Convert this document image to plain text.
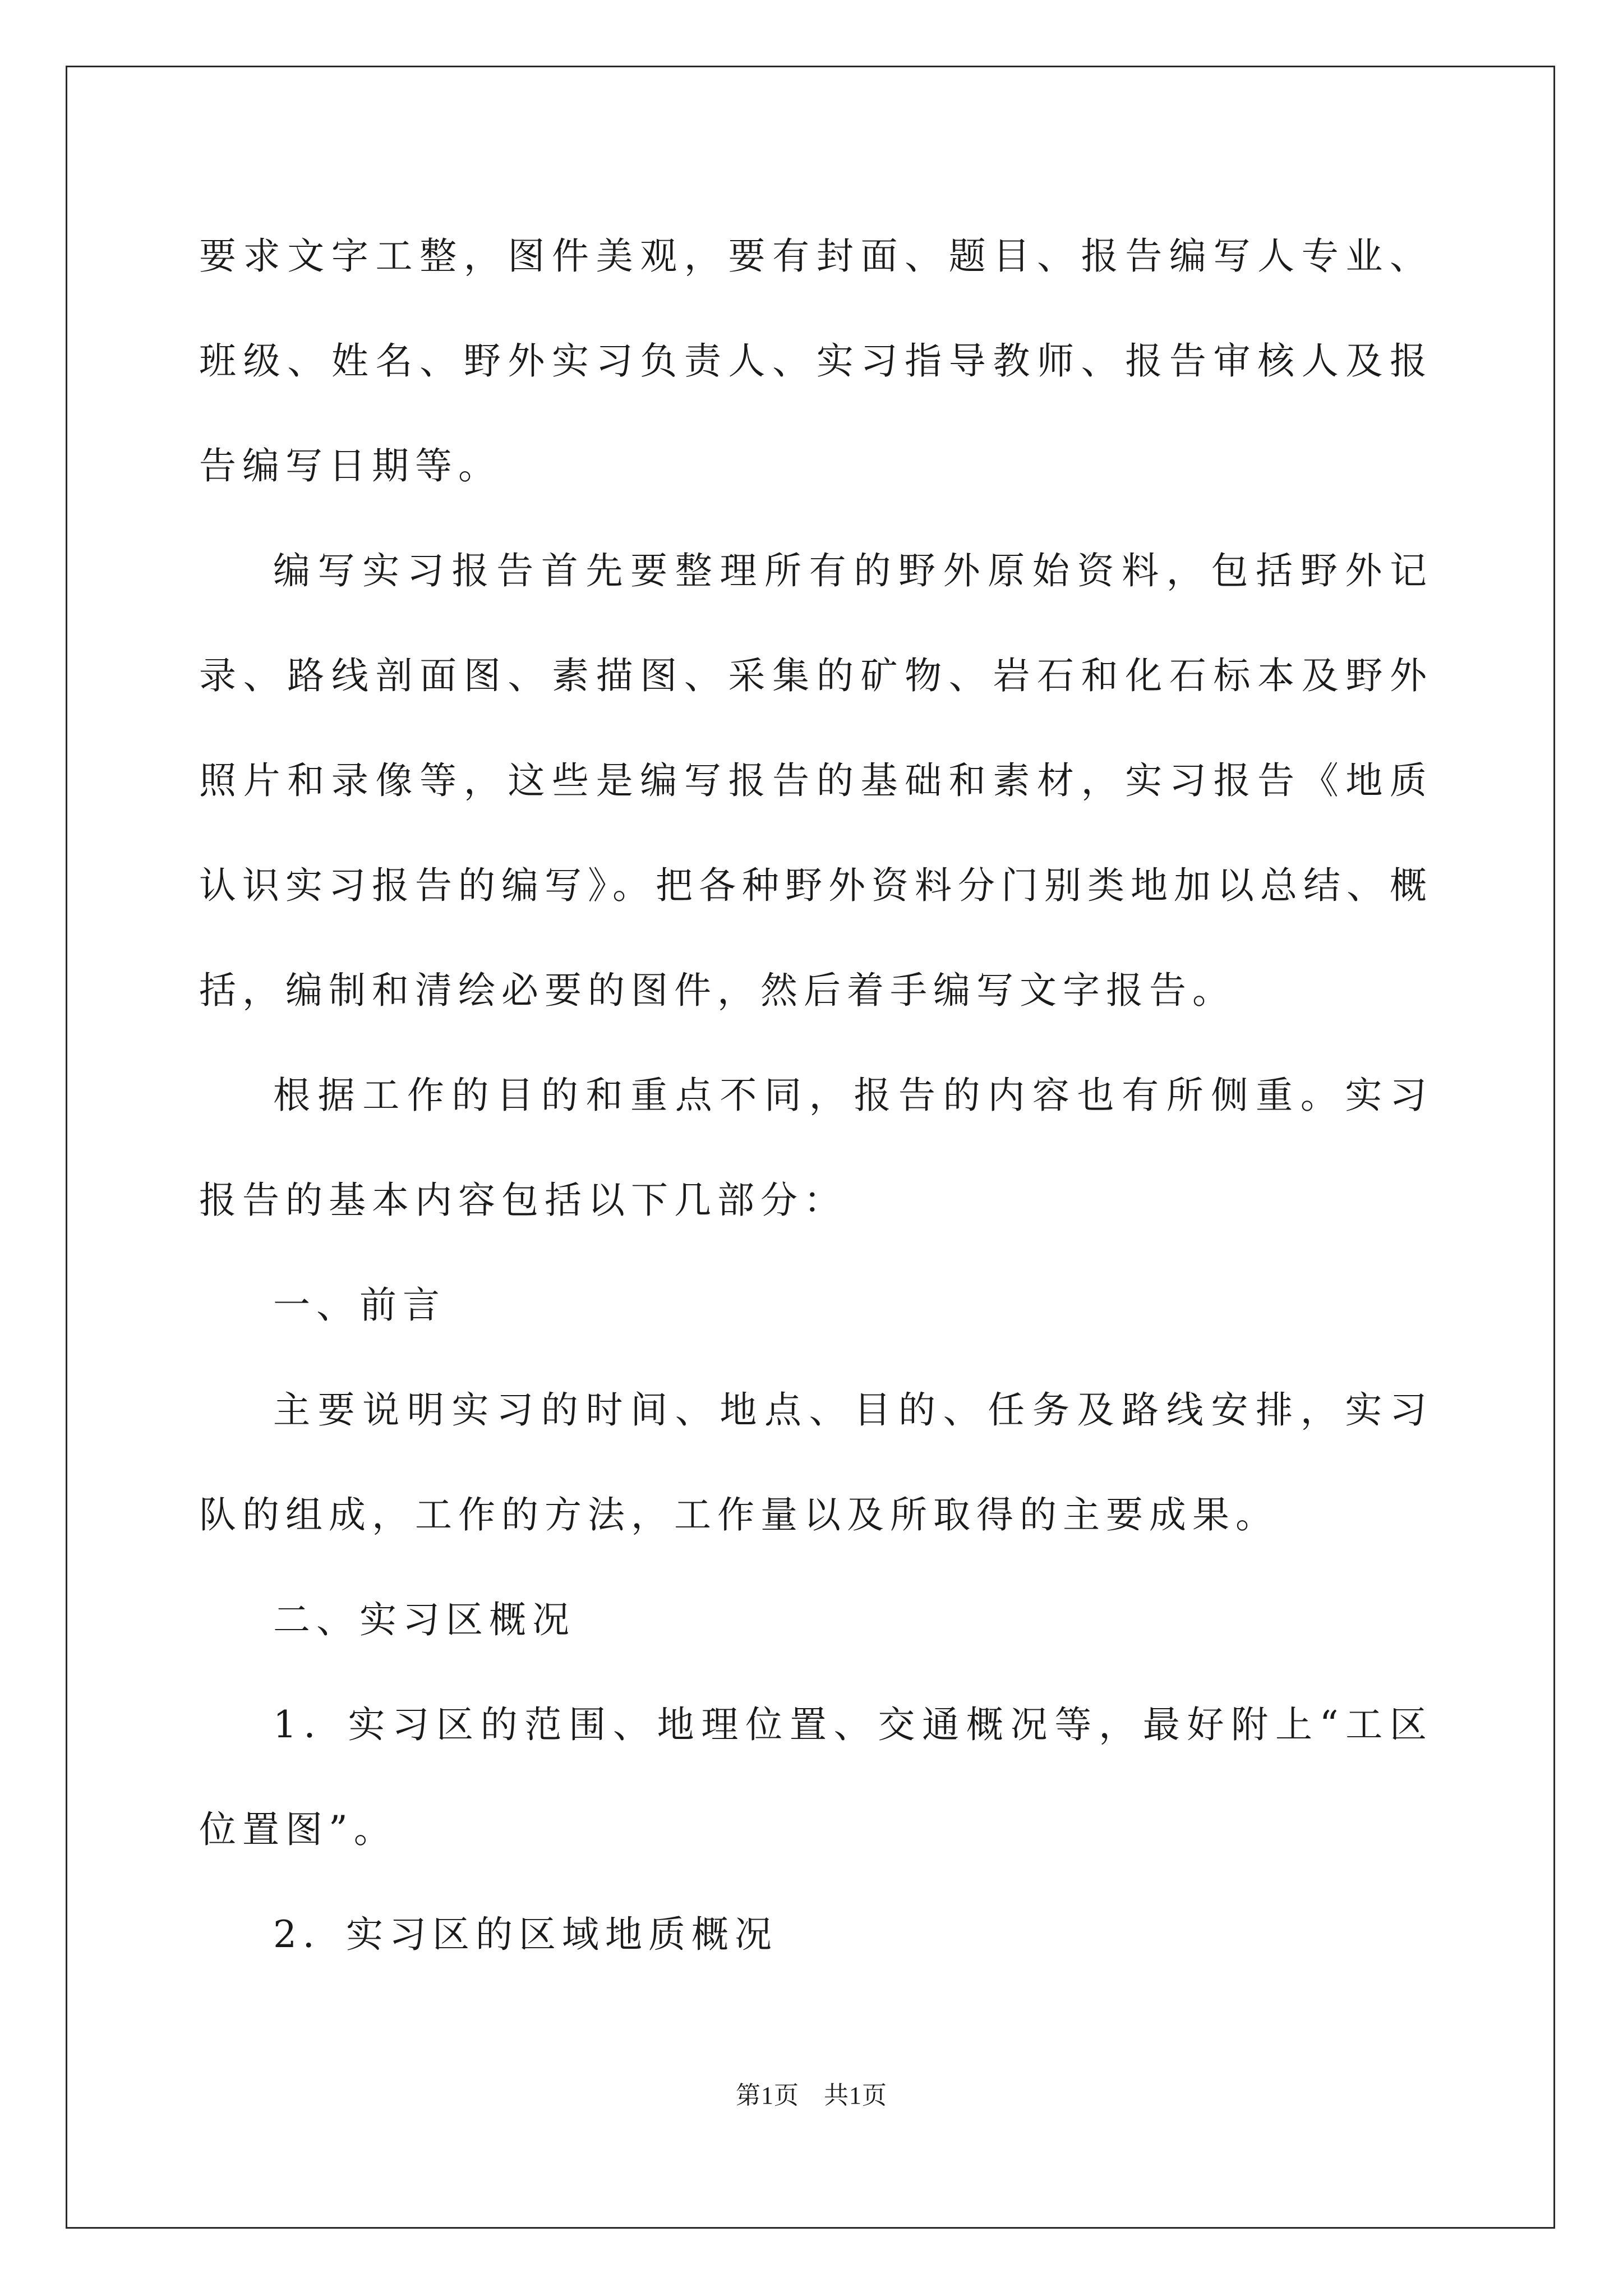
要求文字工整，图件美观，要有封面、题目、报告编写人专业、班级、姓名、野外实习负责人、实习指导教师、报告审核人及报告编写日期等。

编写实习报告首先要整理所有的野外原始资料，包括野外记录、路线剖面图、素描图、采集的矿物、岩石和化石标本及野外照片和录像等，这些是编写报告的基础和素材，实习报告《地质认识实习报告的编写》。把各种野外资料分门别类地加以总结、概括，编制和清绘必要的图件，然后着手编写文字报告。

根据工作的目的和重点不同，报告的内容也有所侧重。实习报告的基本内容包括以下几部分：

一、前言

主要说明实习的时间、地点、目的、任务及路线安排，实习队的组成，工作的方法，工作量以及所取得的主要成果。

二、实习区概况

1．实习区的范围、地理位置、交通概况等，最好附上“工区位置图”。

2．实习区的区域地质概况

第1页 共1页
